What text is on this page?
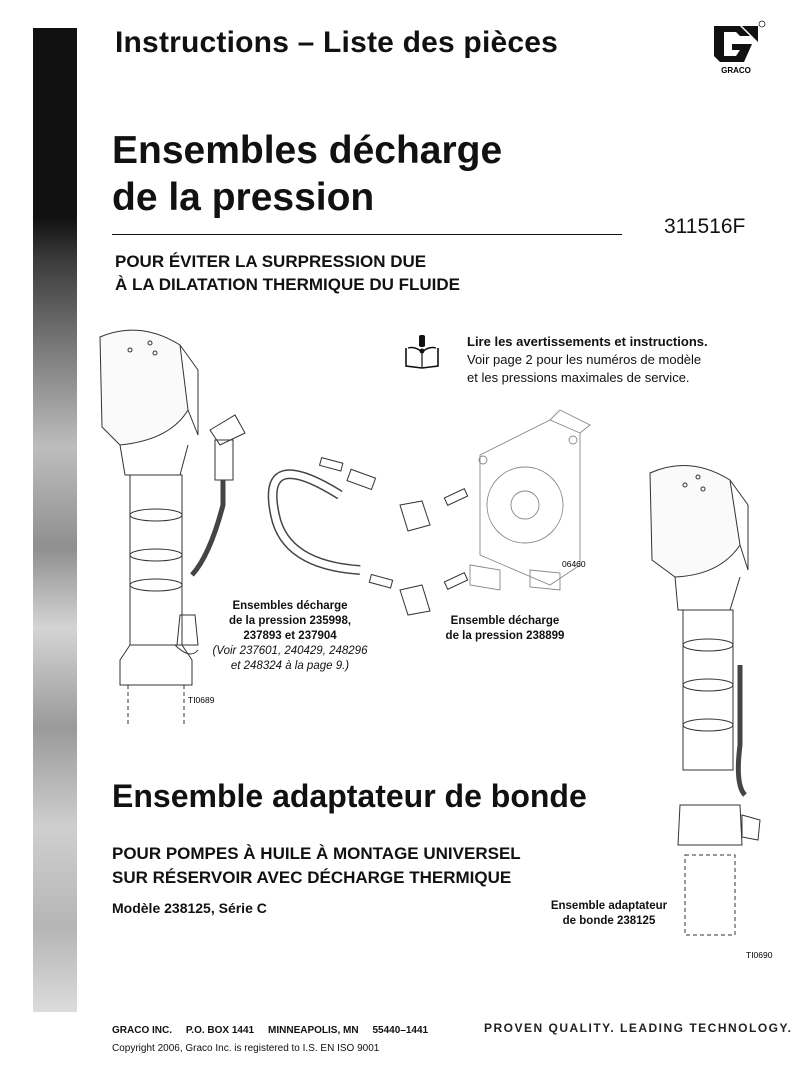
Instructions – Liste des pièces
GRACO
Ensembles décharge
de la pression
311516F
POUR ÉVITER LA SURPRESSION DUE
À LA DILATATION THERMIQUE DU FLUIDE
Lire les avertissements et instructions.
Voir page 2 pour les numéros de modèle
et les pressions maximales de service.
TI0689
06460
TI0690
Ensembles décharge
de la pression 235998,
237893 et 237904
(Voir 237601, 240429, 248296
et 248324 à la page 9.)
Ensemble décharge
de la pression 238899
Ensemble adaptateur
de bonde 238125
Ensemble adaptateur de bonde
POUR POMPES À HUILE À MONTAGE UNIVERSEL
SUR RÉSERVOIR AVEC DÉCHARGE THERMIQUE
Modèle 238125, Série C
GRACO INC. P.O. BOX 1441 MINNEAPOLIS, MN 55440–1441
Copyright 2006, Graco Inc. is registered to I.S. EN ISO 9001
PROVEN QUALITY. LEADING TECHNOLOGY.
